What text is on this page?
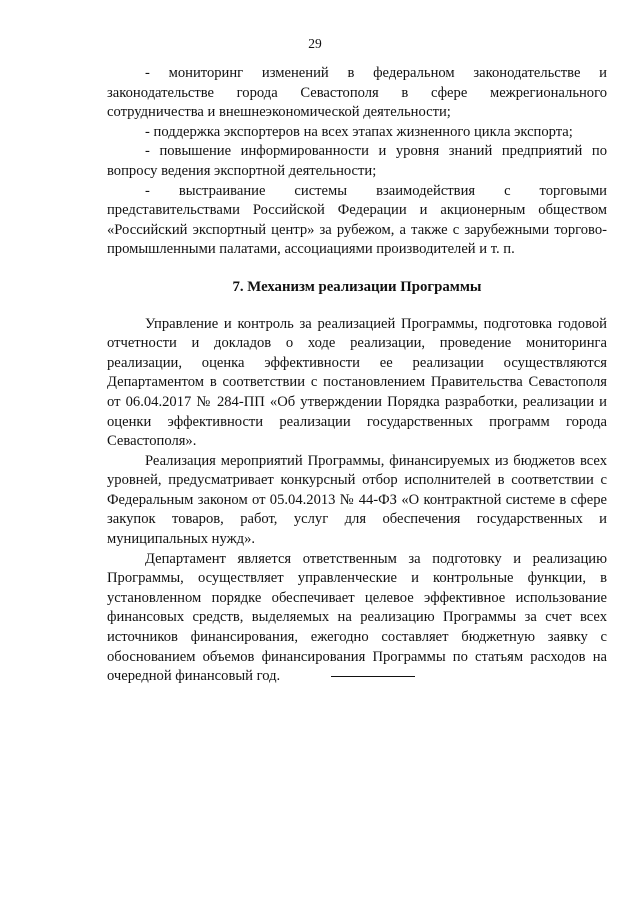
29

- мониторинг изменений в федеральном законодательстве и законодательстве города Севастополя в сфере межрегионального сотрудничества и внешнеэкономической деятельности;

- поддержка экспортеров на всех этапах жизненного цикла экспорта;

- повышение информированности и уровня знаний предприятий по вопросу ведения экспортной деятельности;

- выстраивание системы взаимодействия с торговыми представительствами Российской Федерации и акционерным обществом «Российский экспортный центр» за рубежом, а также с зарубежными торгово-промышленными палатами, ассоциациями производителей и т. п.

7. Механизм реализации Программы

Управление и контроль за реализацией Программы, подготовка годовой отчетности и докладов о ходе реализации, проведение мониторинга реализации, оценка эффективности ее реализации осуществляются Департаментом в соответствии с постановлением Правительства Севастополя от 06.04.2017 № 284-ПП «Об утверждении Порядка разработки, реализации и оценки эффективности реализации государственных программ города Севастополя».

Реализация мероприятий Программы, финансируемых из бюджетов всех уровней, предусматривает конкурсный отбор исполнителей в соответствии с Федеральным законом от 05.04.2013 № 44-ФЗ «О контрактной системе в сфере закупок товаров, работ, услуг для обеспечения государственных и муниципальных нужд».

Департамент является ответственным за подготовку и реализацию Программы, осуществляет управленческие и контрольные функции, в установленном порядке обеспечивает целевое эффективное использование финансовых средств, выделяемых на реализацию Программы за счет всех источников финансирования, ежегодно составляет бюджетную заявку с обоснованием объемов финансирования Программы по статьям расходов на очередной финансовый год.
